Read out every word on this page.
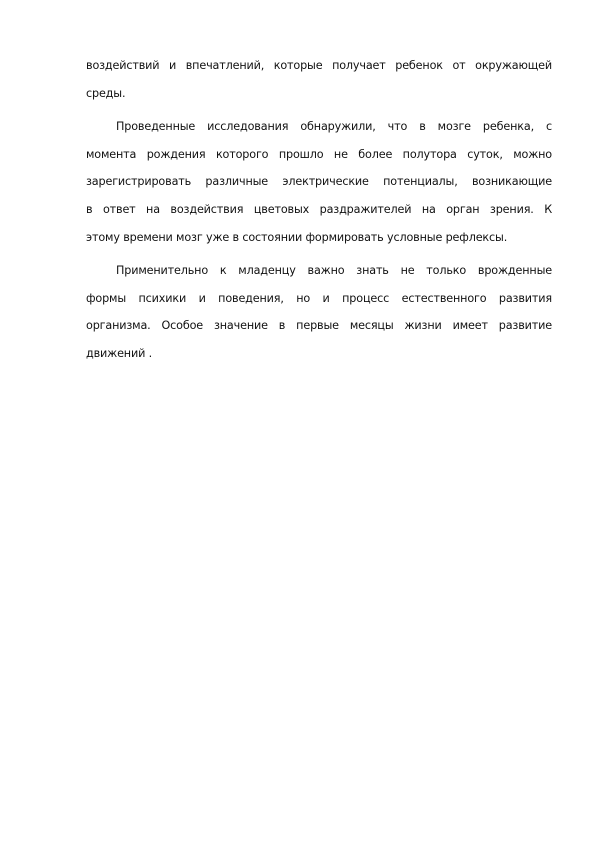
воздействий и впечатлений, которые получает ребенок от окружающей
среды.

Проведенные исследования обнаружили, что в мозге ребенка, с
момента рождения которого прошло не более полутора суток, можно
зарегистрировать различные электрические потенциалы, возникающие
в ответ на воздействия цветовых раздражителей на орган зрения. К
этому времени мозг уже в состоянии формировать условные рефлексы.

Применительно к младенцу важно знать не только врожденные
формы психики и поведения, но и процесс естественного развития
организма. Особое значение в первые месяцы жизни имеет развитие
движений .
